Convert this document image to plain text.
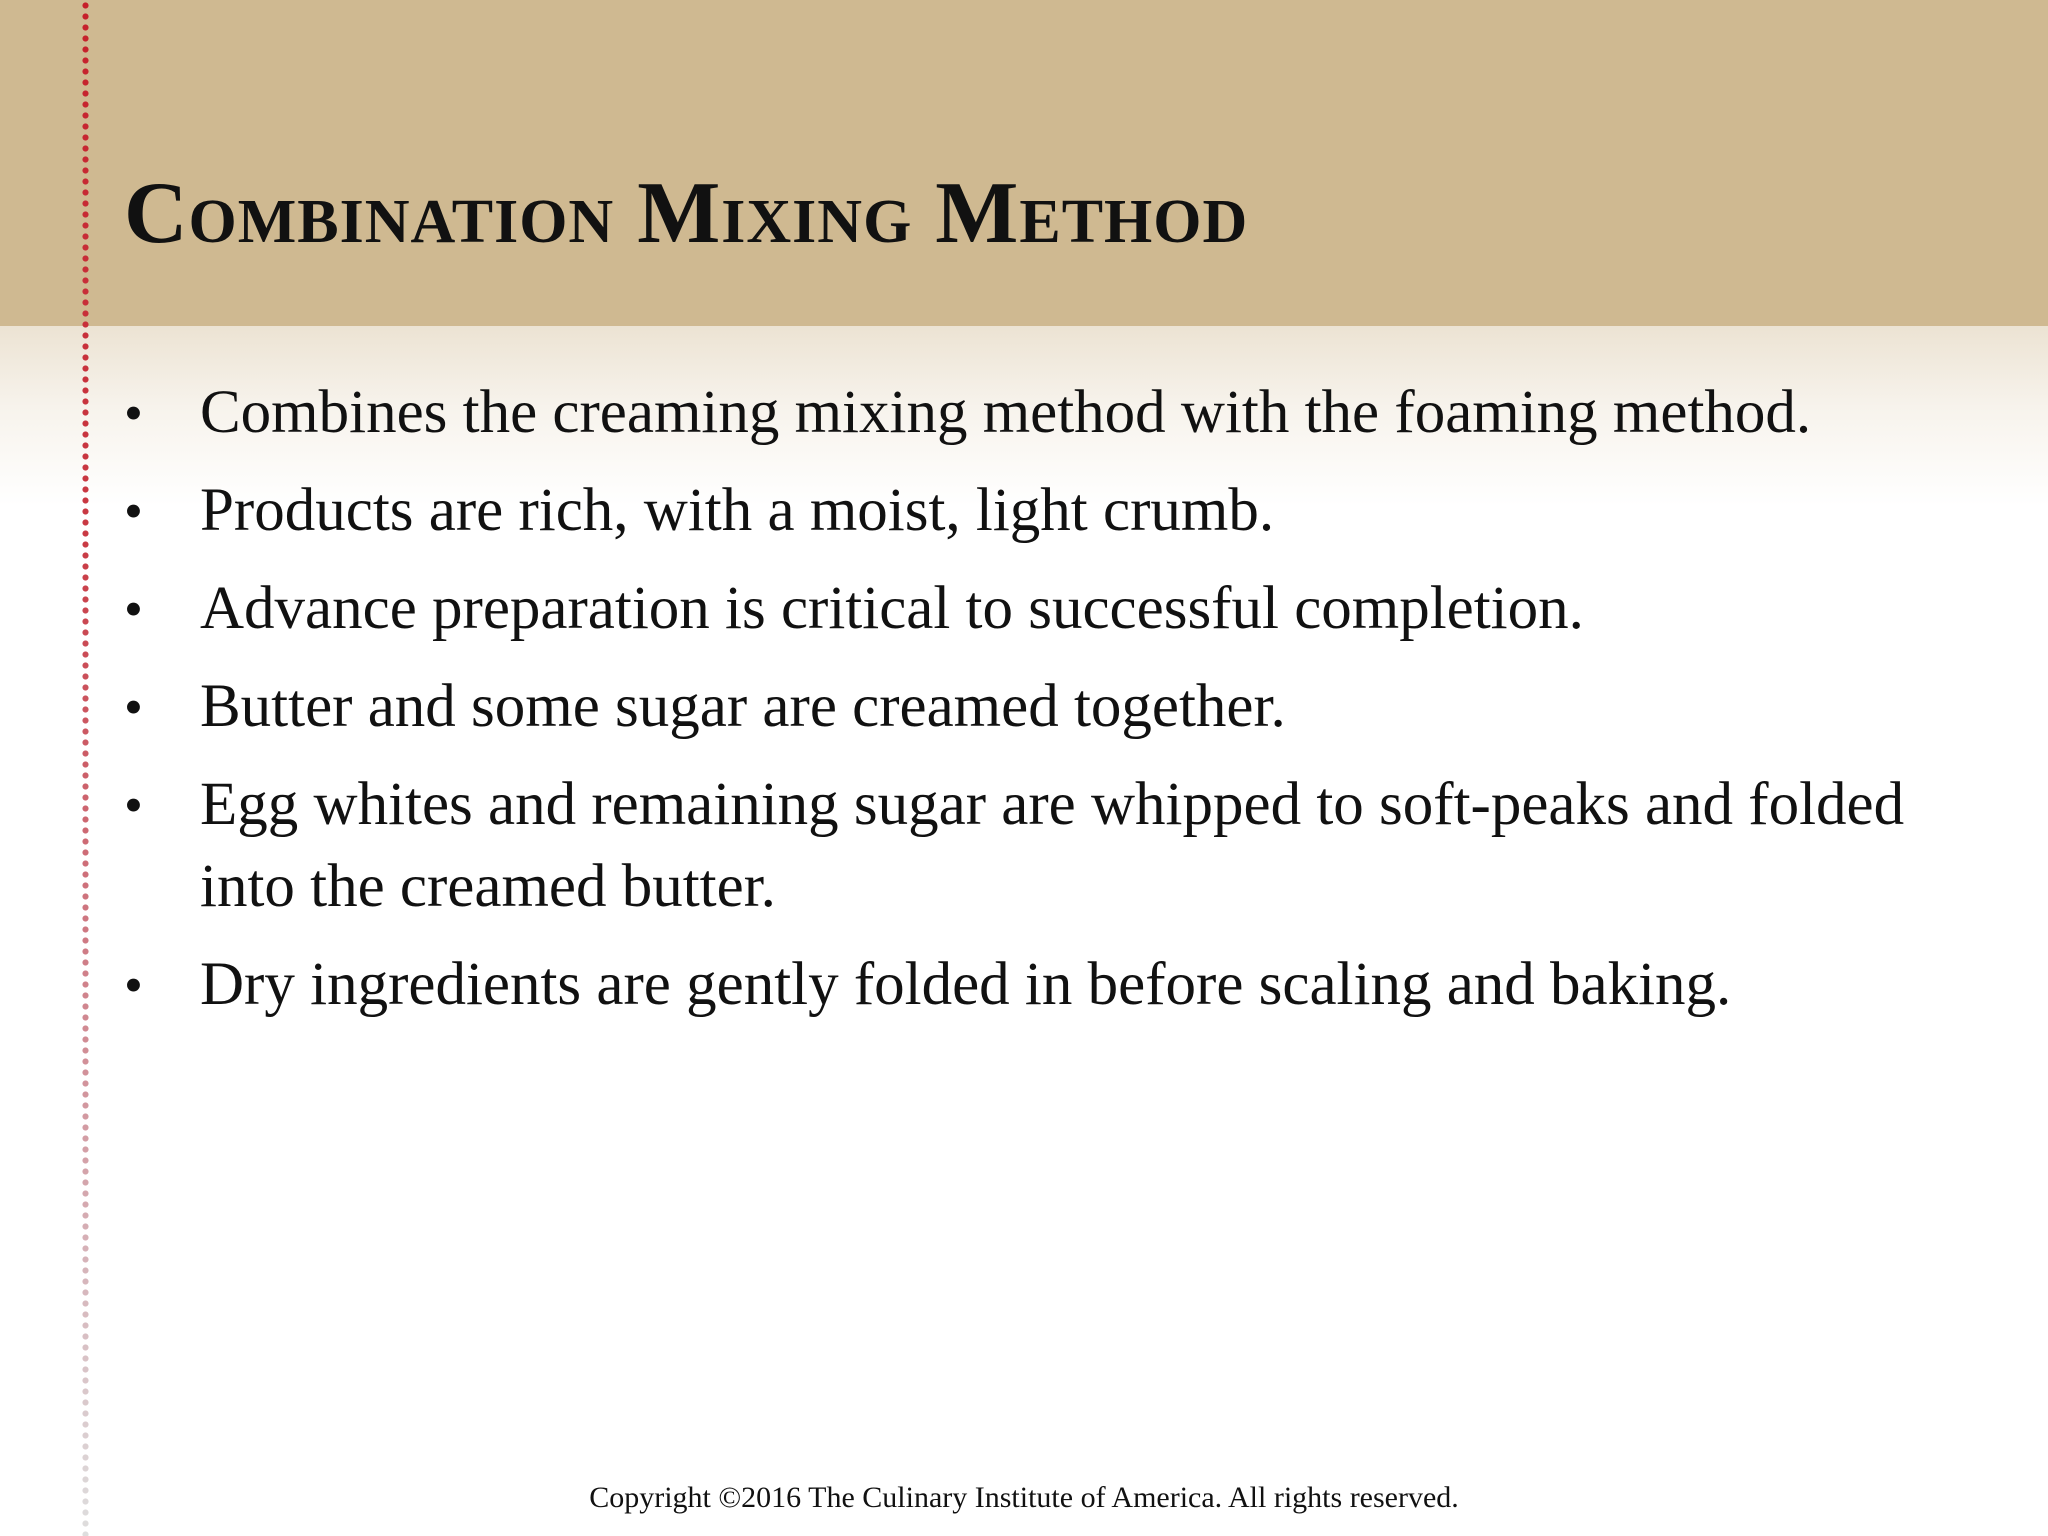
Combination Mixing Method
• Combines the creaming mixing method with the foaming method.
• Products are rich, with a moist, light crumb.
• Advance preparation is critical to successful completion.
• Butter and some sugar are creamed together.
• Egg whites and remaining sugar are whipped to soft-peaks and folded into the creamed butter.
• Dry ingredients are gently folded in before scaling and baking.
Copyright ©2016 The Culinary Institute of America. All rights reserved.
